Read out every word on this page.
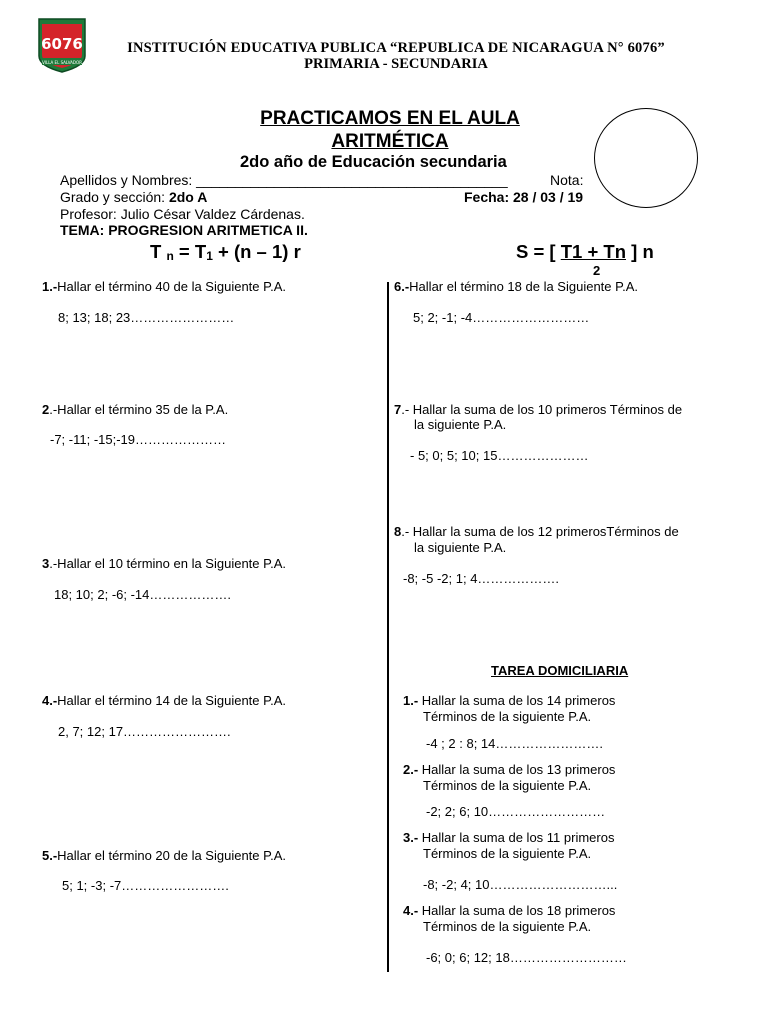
6076
VILLA EL SALVADOR
INSTITUCIÓN EDUCATIVA PUBLICA “REPUBLICA DE NICARAGUA N° 6076”
PRIMARIA - SECUNDARIA
PRACTICAMOS EN EL AULA
ARITMÉTICA
2do año de Educación secundaria
Apellidos y Nombres: ________________________________________	Nota:
Grado y sección: 2do A	Fecha: 28 / 03 / 19
Profesor: Julio César Valdez Cárdenas.
TEMA: PROGRESION ARITMETICA II.
T $_n = T_1 + (n - 1)$ r	S = [ T1 + Tn ] n
2
1.-Hallar el término 40 de la Siguiente P.A.
8; 13; 18; 23……………………
2.-Hallar el término 35 de la P.A.
-7; -11; -15;-19…………………
3.-Hallar el 10 término en la Siguiente P.A.
18; 10; 2; -6; -14……………….
4.-Hallar el término 14 de la Siguiente P.A.
2, 7; 12; 17…………………….
5.-Hallar el término 20 de la Siguiente P.A.
5; 1; -3; -7…………………….
6.-Hallar el término 18 de la Siguiente P.A.
5; 2; -1; -4………………………
7.- Hallar la suma de los 10 primeros Términos de
la siguiente P.A.
- 5; 0; 5; 10; 15…………………
8.- Hallar la suma de los 12 primerosTérminos de
la siguiente P.A.
-8; -5 -2; 1; 4……………….
TAREA DOMICILIARIA
1.- Hallar la suma de los 14 primeros
Términos de la siguiente P.A.
-4 ; 2 : 8; 14…………………….
2.- Hallar la suma de los 13 primeros
Términos de la siguiente P.A.
-2; 2; 6; 10………………………
3.- Hallar la suma de los 11 primeros
Términos de la siguiente P.A.
-8; -2; 4; 10………………………...
4.- Hallar la suma de los 18 primeros
Términos de la siguiente P.A.
-6; 0; 6; 12; 18………………………
